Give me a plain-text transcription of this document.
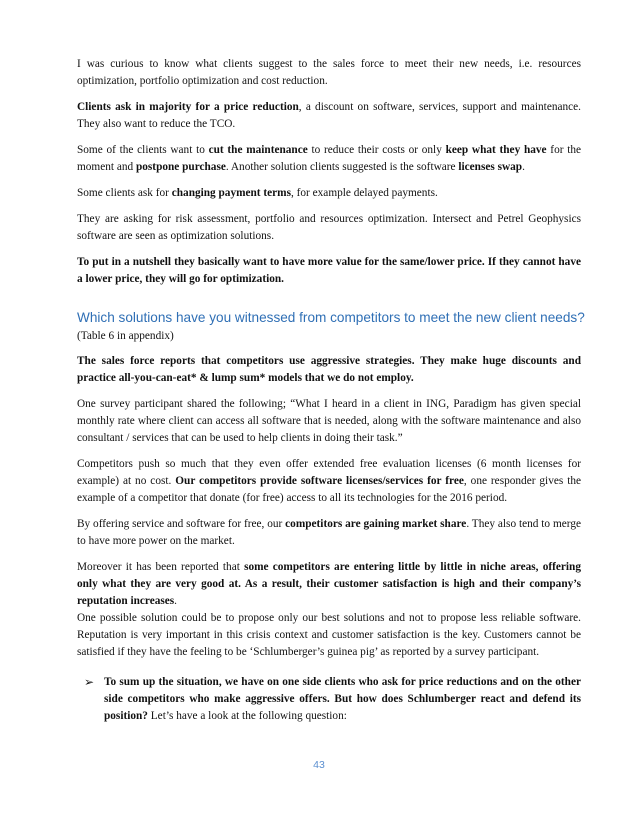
I was curious to know what clients suggest to the sales force to meet their new needs, i.e. resources optimization, portfolio optimization and cost reduction.

Clients ask in majority for a price reduction, a discount on software, services, support and maintenance. They also want to reduce the TCO.

Some of the clients want to cut the maintenance to reduce their costs or only keep what they have for the moment and postpone purchase. Another solution clients suggested is the software licenses swap.

Some clients ask for changing payment terms, for example delayed payments.

They are asking for risk assessment, portfolio and resources optimization. Intersect and Petrel Geophysics software are seen as optimization solutions.

To put in a nutshell they basically want to have more value for the same/lower price. If they cannot have a lower price, they will go for optimization.

Which solutions have you witnessed from competitors to meet the new client needs?

(Table 6 in appendix)

The sales force reports that competitors use aggressive strategies. They make huge discounts and practice all-you-can-eat* & lump sum* models that we do not employ.

One survey participant shared the following; “What I heard in a client in ING, Paradigm has given special monthly rate where client can access all software that is needed, along with the software maintenance and also consultant / services that can be used to help clients in doing their task.”

Competitors push so much that they even offer extended free evaluation licenses (6 month licenses for example) at no cost. Our competitors provide software licenses/services for free, one responder gives the example of a competitor that donate (for free) access to all its technologies for the 2016 period.

By offering service and software for free, our competitors are gaining market share. They also tend to merge to have more power on the market.

Moreover it has been reported that some competitors are entering little by little in niche areas, offering only what they are very good at. As a result, their customer satisfaction is high and their company’s reputation increases.

One possible solution could be to propose only our best solutions and not to propose less reliable software. Reputation is very important in this crisis context and customer satisfaction is the key. Customers cannot be satisfied if they have the feeling to be ‘Schlumberger’s guinea pig’ as reported by a survey participant.

➢ To sum up the situation, we have on one side clients who ask for price reductions and on the other side competitors who make aggressive offers. But how does Schlumberger react and defend its position? Let’s have a look at the following question:

43
